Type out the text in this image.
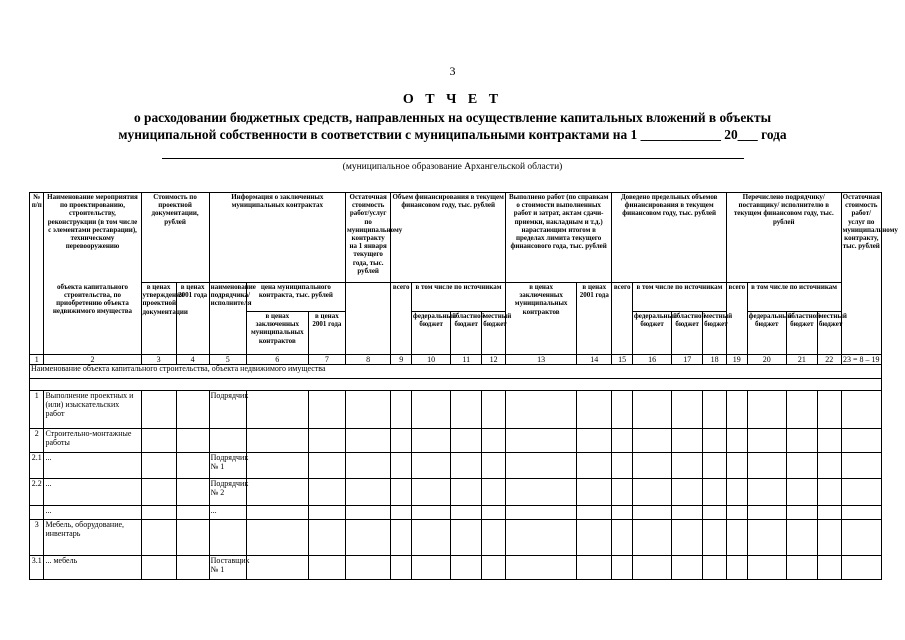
3
О Т Ч Е Т
о расходовании бюджетных средств, направленных на осуществление капитальных вложений в объекты
муниципальной собственности в соответствии с муниципальными контрактами на 1 ____________ 20___ года
(муниципальное образование Архангельской области)
№ п/п	Наименование мероприятия по проектированию, строительству, реконструкции (в том числе с элементами реставрации), техническому перевооружению	Стоимость по проектной документации, рублей		Информация о заключенных муниципальных контрактах			Остаточная стоимость работ/услуг по муниципальному контракту на 1 января текущего года, тыс. рублей	Объем финансирования в текущем финансовом году, тыс. рублей				Выполнено работ (по справкам о стоимости выполненных работ и затрат, актам сдачи-приемки, накладным и т.д.) нарастающим итогом в пределах лимита текущего финансового года, тыс. рублей		Доведено предельных объемов финансирования в текущем финансовом году, тыс. рублей				Перечислено подрядчику/ поставщику/ исполнителю в текущем финансовом году, тыс. рублей				Остаточная стоимость работ/ услуг по муниципальному контракту, тыс. рублей
	объекта капитального строительства, по приобретению объекта недвижимого имущества	в ценах утверждения проектной документации	в ценах 2001 года	наименование подрядчика/ исполнителя	цена муниципального контракта, тыс. рублей			всего	в том числе по источникам			в ценах заключенных муниципальных контрактов	в ценах 2001 года	всего	в том числе по источникам			всего	в том числе по источникам			
					в ценах заключенных муниципальных контрактов	в ценах 2001 года			федеральный бюджет	областной бюджет	местный бюджет				федеральный бюджет	областной бюджет	местный бюджет		федеральный бюджет	областной бюджет	местный бюджет	
1	2	3	4	5	6	7	8	9	10	11	12	13	14	15	16	17	18	19	20	21	22	23 = 8 – 19
Наименование объекта капитального строительства, объекта недвижимого имущества																						

1	Выполнение проектных и (или) изыскательских работ			Подрядчик																		
2	Строительно-монтажные работы																					
2.1	...			Подрядчик № 1																		
2.2	...			Подрядчик № 2																		
	...			...																		
3	Мебель, оборудование, инвентарь																					
3.1	... мебель			Поставщик № 1																		
